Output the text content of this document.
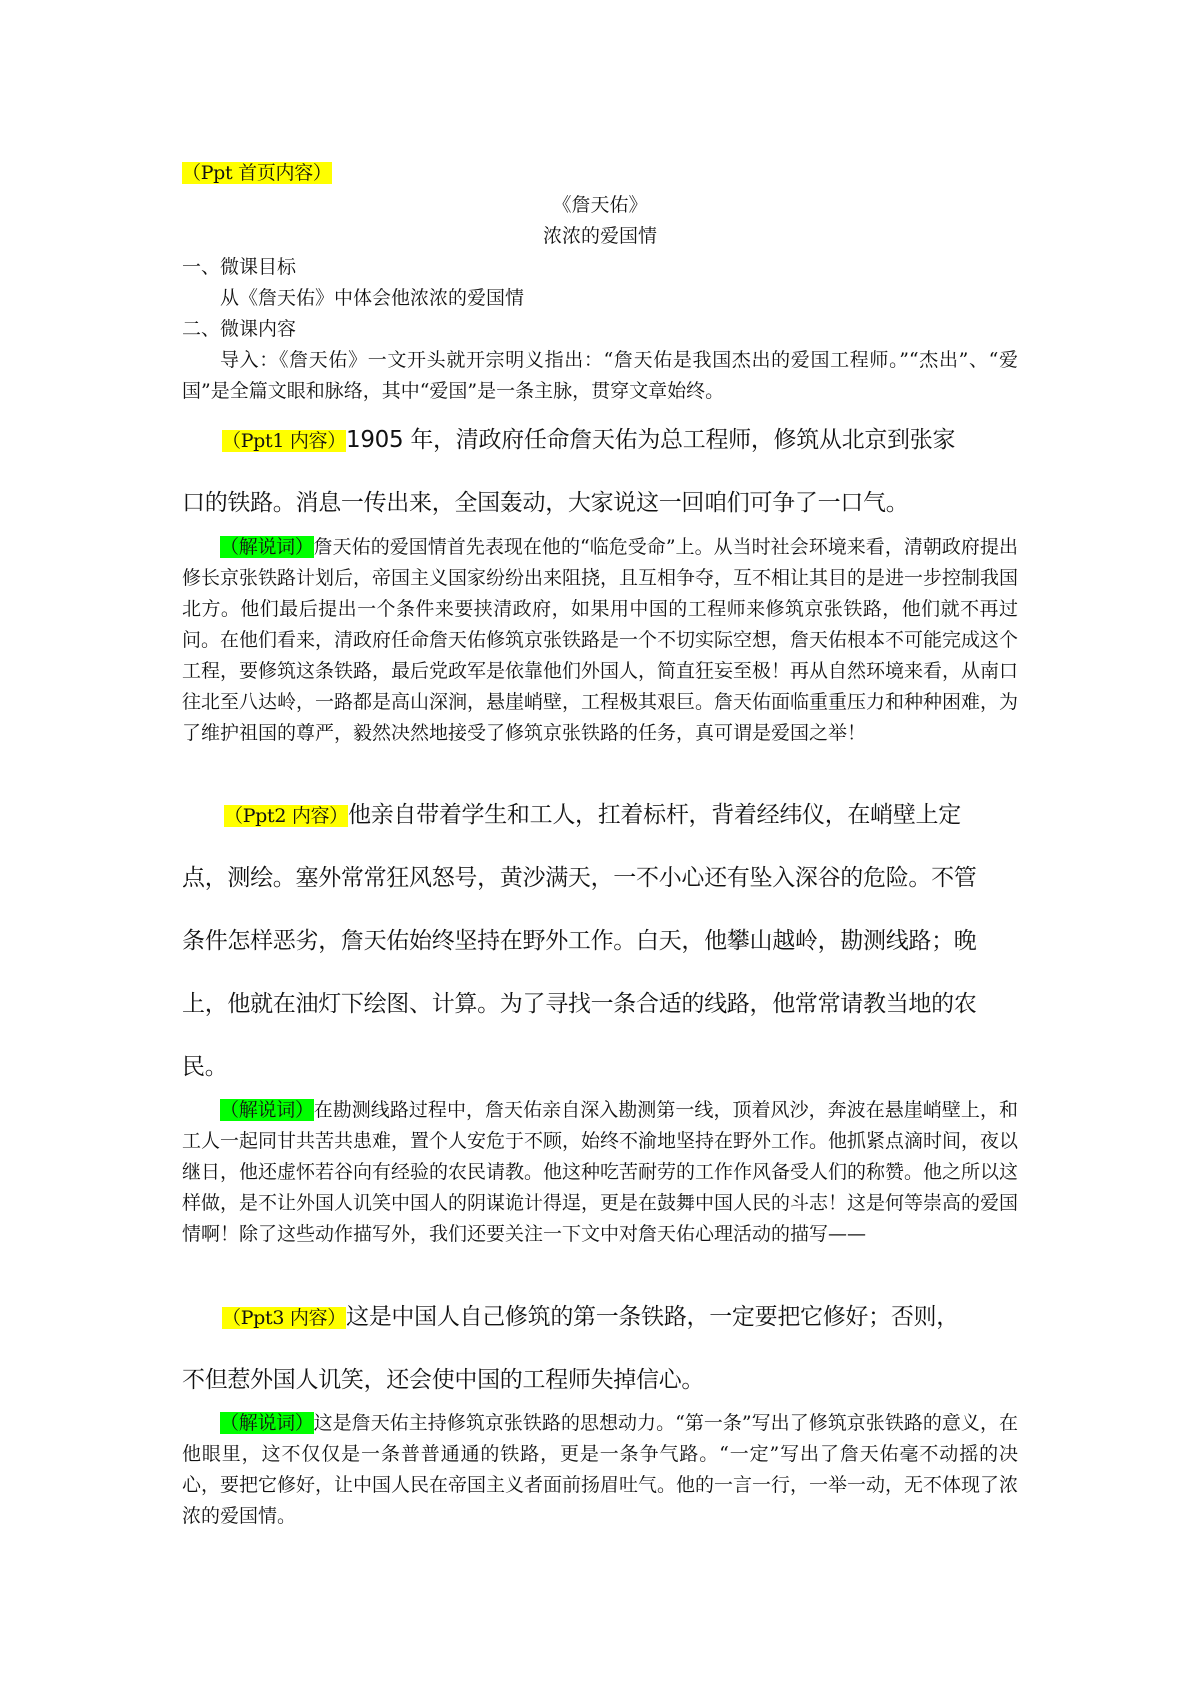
（Ppt 首页内容）

《詹天佑》

浓浓的爱国情

一、微课目标

从《詹天佑》中体会他浓浓的爱国情

二、微课内容

导入：《詹天佑》一文开头就开宗明义指出：“詹天佑是我国杰出的爱国工程师。”“杰出”、“爱国”是全篇文眼和脉络，其中“爱国”是一条主脉，贯穿文章始终。

（Ppt1 内容）1905 年，清政府任命詹天佑为总工程师，修筑从北京到张家

口的铁路。消息一传出来，全国轰动，大家说这一回咱们可争了一口气。

（解说词）詹天佑的爱国情首先表现在他的“临危受命”上。从当时社会环境来看，清朝政府提出修长京张铁路计划后，帝国主义国家纷纷出来阻挠，且互相争夺，互不相让其目的是进一步控制我国北方。他们最后提出一个条件来要挟清政府，如果用中国的工程师来修筑京张铁路，他们就不再过问。在他们看来，清政府任命詹天佑修筑京张铁路是一个不切实际空想，詹天佑根本不可能完成这个工程，要修筑这条铁路，最后党政军是依靠他们外国人，简直狂妄至极！再从自然环境来看，从南口往北至八达岭，一路都是高山深涧，悬崖峭壁，工程极其艰巨。詹天佑面临重重压力和种种困难，为了维护祖国的尊严，毅然决然地接受了修筑京张铁路的任务，真可谓是爱国之举！

（Ppt2 内容）他亲自带着学生和工人，扛着标杆，背着经纬仪，在峭壁上定

点，测绘。塞外常常狂风怒号，黄沙满天，一不小心还有坠入深谷的危险。不管

条件怎样恶劣，詹天佑始终坚持在野外工作。白天，他攀山越岭，勘测线路；晚

上，他就在油灯下绘图、计算。为了寻找一条合适的线路，他常常请教当地的农

民。

（解说词）在勘测线路过程中，詹天佑亲自深入勘测第一线，顶着风沙，奔波在悬崖峭壁上，和工人一起同甘共苦共患难，置个人安危于不顾，始终不渝地坚持在野外工作。他抓紧点滴时间，夜以继日，他还虚怀若谷向有经验的农民请教。他这种吃苦耐劳的工作作风备受人们的称赞。他之所以这样做，是不让外国人讥笑中国人的阴谋诡计得逞，更是在鼓舞中国人民的斗志！这是何等崇高的爱国情啊！除了这些动作描写外，我们还要关注一下文中对詹天佑心理活动的描写——

（Ppt3 内容）这是中国人自己修筑的第一条铁路，一定要把它修好；否则，

不但惹外国人讥笑，还会使中国的工程师失掉信心。

（解说词）这是詹天佑主持修筑京张铁路的思想动力。“第一条”写出了修筑京张铁路的意义，在他眼里，这不仅仅是一条普普通通的铁路，更是一条争气路。“一定”写出了詹天佑毫不动摇的决心，要把它修好，让中国人民在帝国主义者面前扬眉吐气。他的一言一行，一举一动，无不体现了浓浓的爱国情。
